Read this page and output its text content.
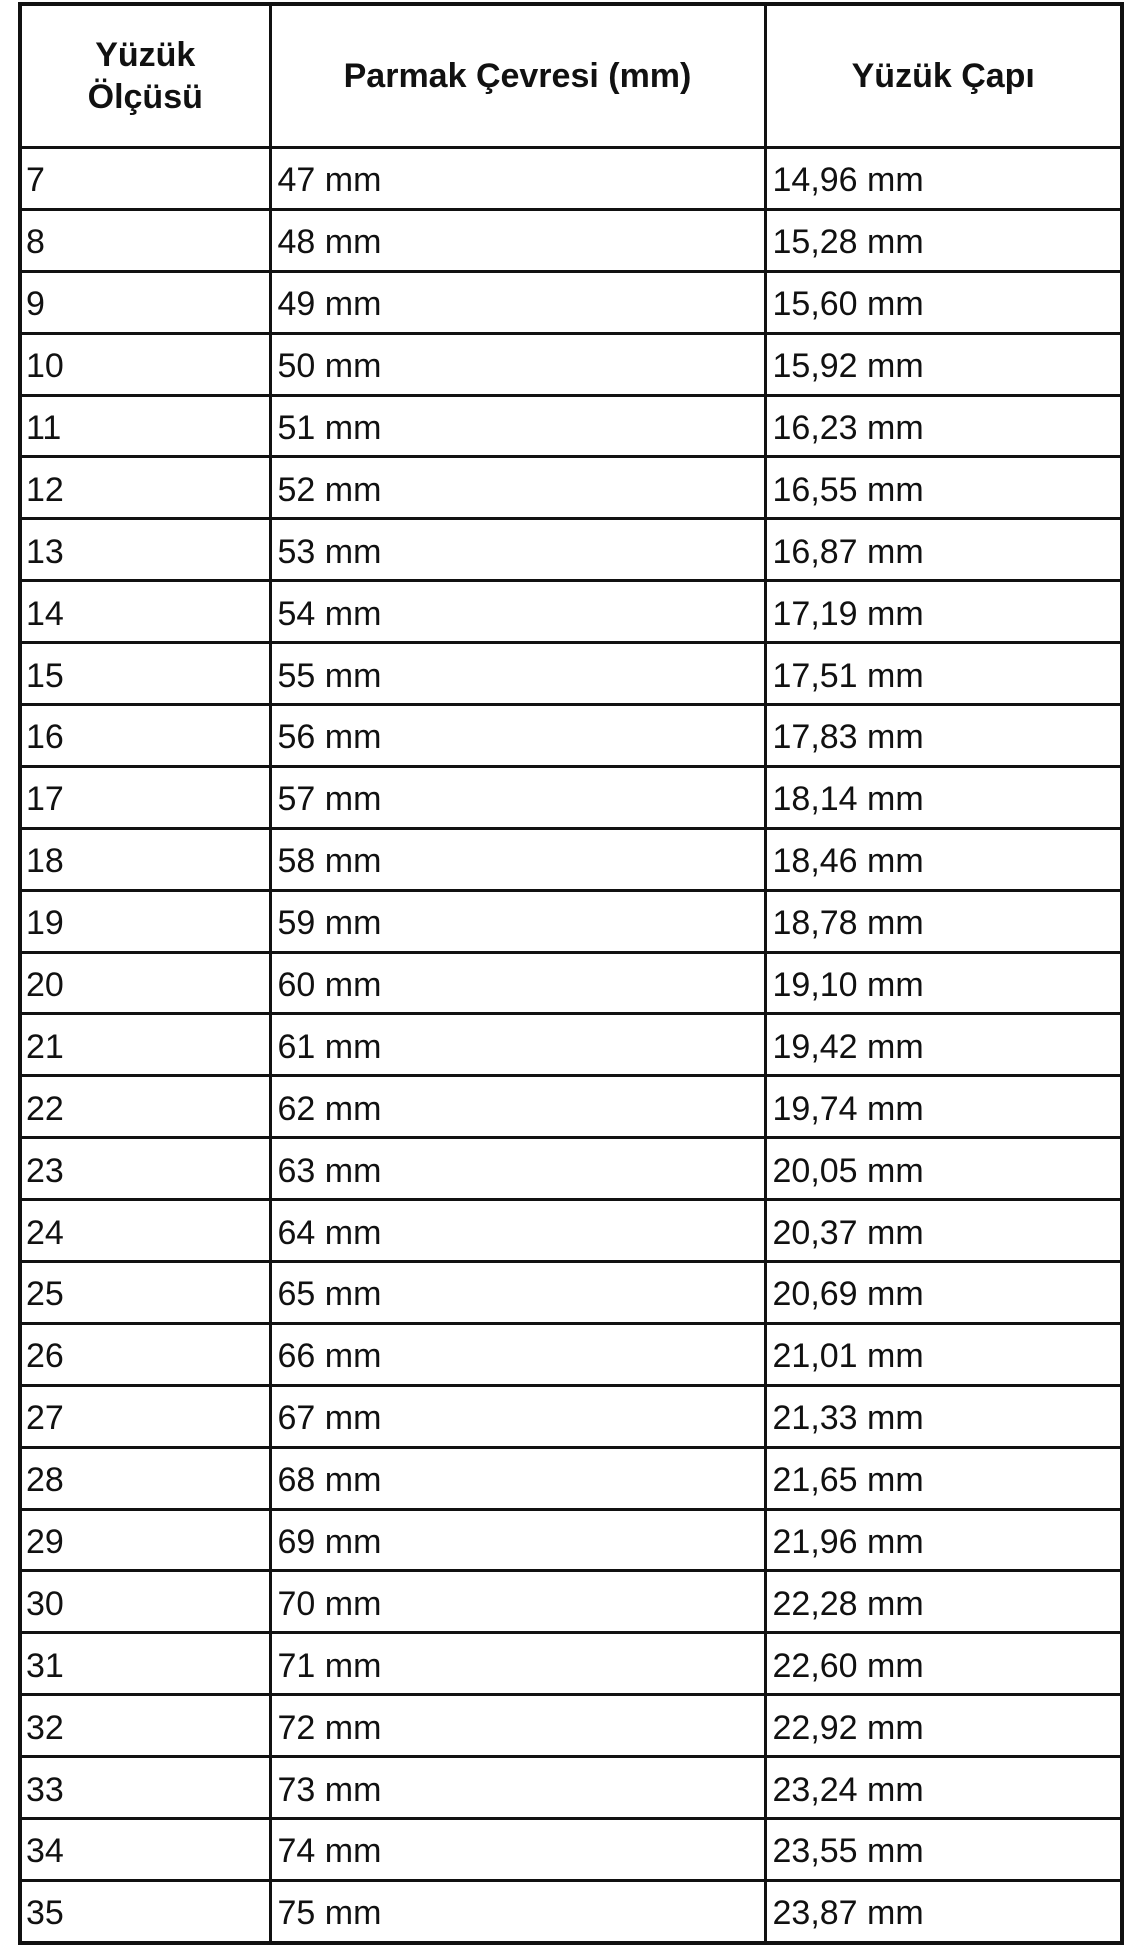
Yüzük Ölçüsü	Parmak Çevresi (mm)	Yüzük Çapı
7	47 mm	14,96 mm
8	48 mm	15,28 mm
9	49 mm	15,60 mm
10	50 mm	15,92 mm
11	51 mm	16,23 mm
12	52 mm	16,55 mm
13	53 mm	16,87 mm
14	54 mm	17,19 mm
15	55 mm	17,51 mm
16	56 mm	17,83 mm
17	57 mm	18,14 mm
18	58 mm	18,46 mm
19	59 mm	18,78 mm
20	60 mm	19,10 mm
21	61 mm	19,42 mm
22	62 mm	19,74 mm
23	63 mm	20,05 mm
24	64 mm	20,37 mm
25	65 mm	20,69 mm
26	66 mm	21,01 mm
27	67 mm	21,33 mm
28	68 mm	21,65 mm
29	69 mm	21,96 mm
30	70 mm	22,28 mm
31	71 mm	22,60 mm
32	72 mm	22,92 mm
33	73 mm	23,24 mm
34	74 mm	23,55 mm
35	75 mm	23,87 mm
